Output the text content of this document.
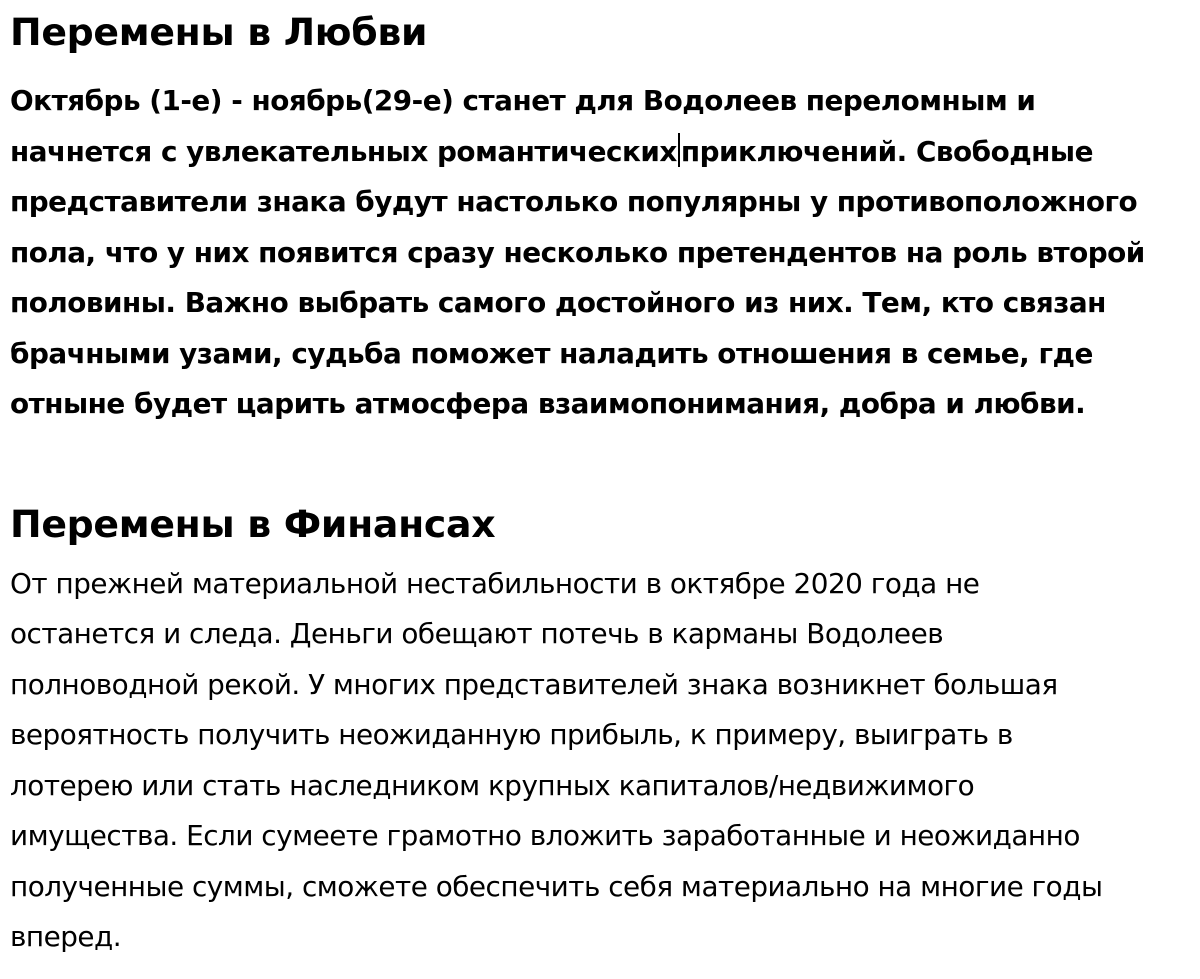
Перемены в Любви

Октябрь (1-е) - ноябрь(29-е) станет для Водолеев переломным и
начнется с увлекательных романтических приключений. Свободные
представители знака будут настолько популярны у противоположного
пола, что у них появится сразу несколько претендентов на роль второй
половины. Важно выбрать самого достойного из них. Тем, кто связан
брачными узами, судьба поможет наладить отношения в семье, где
отныне будет царить атмосфера взаимопонимания, добра и любви.

Перемены в Финансах

От прежней материальной нестабильности в октябре 2020 года не
останется и следа. Деньги обещают потечь в карманы Водолеев
полноводной рекой. У многих представителей знака возникнет большая
вероятность получить неожиданную прибыль, к примеру, выиграть в
лотерею или стать наследником крупных капиталов/недвижимого
имущества. Если сумеете грамотно вложить заработанные и неожиданно
полученные суммы, сможете обеспечить себя материально на многие годы
вперед.
